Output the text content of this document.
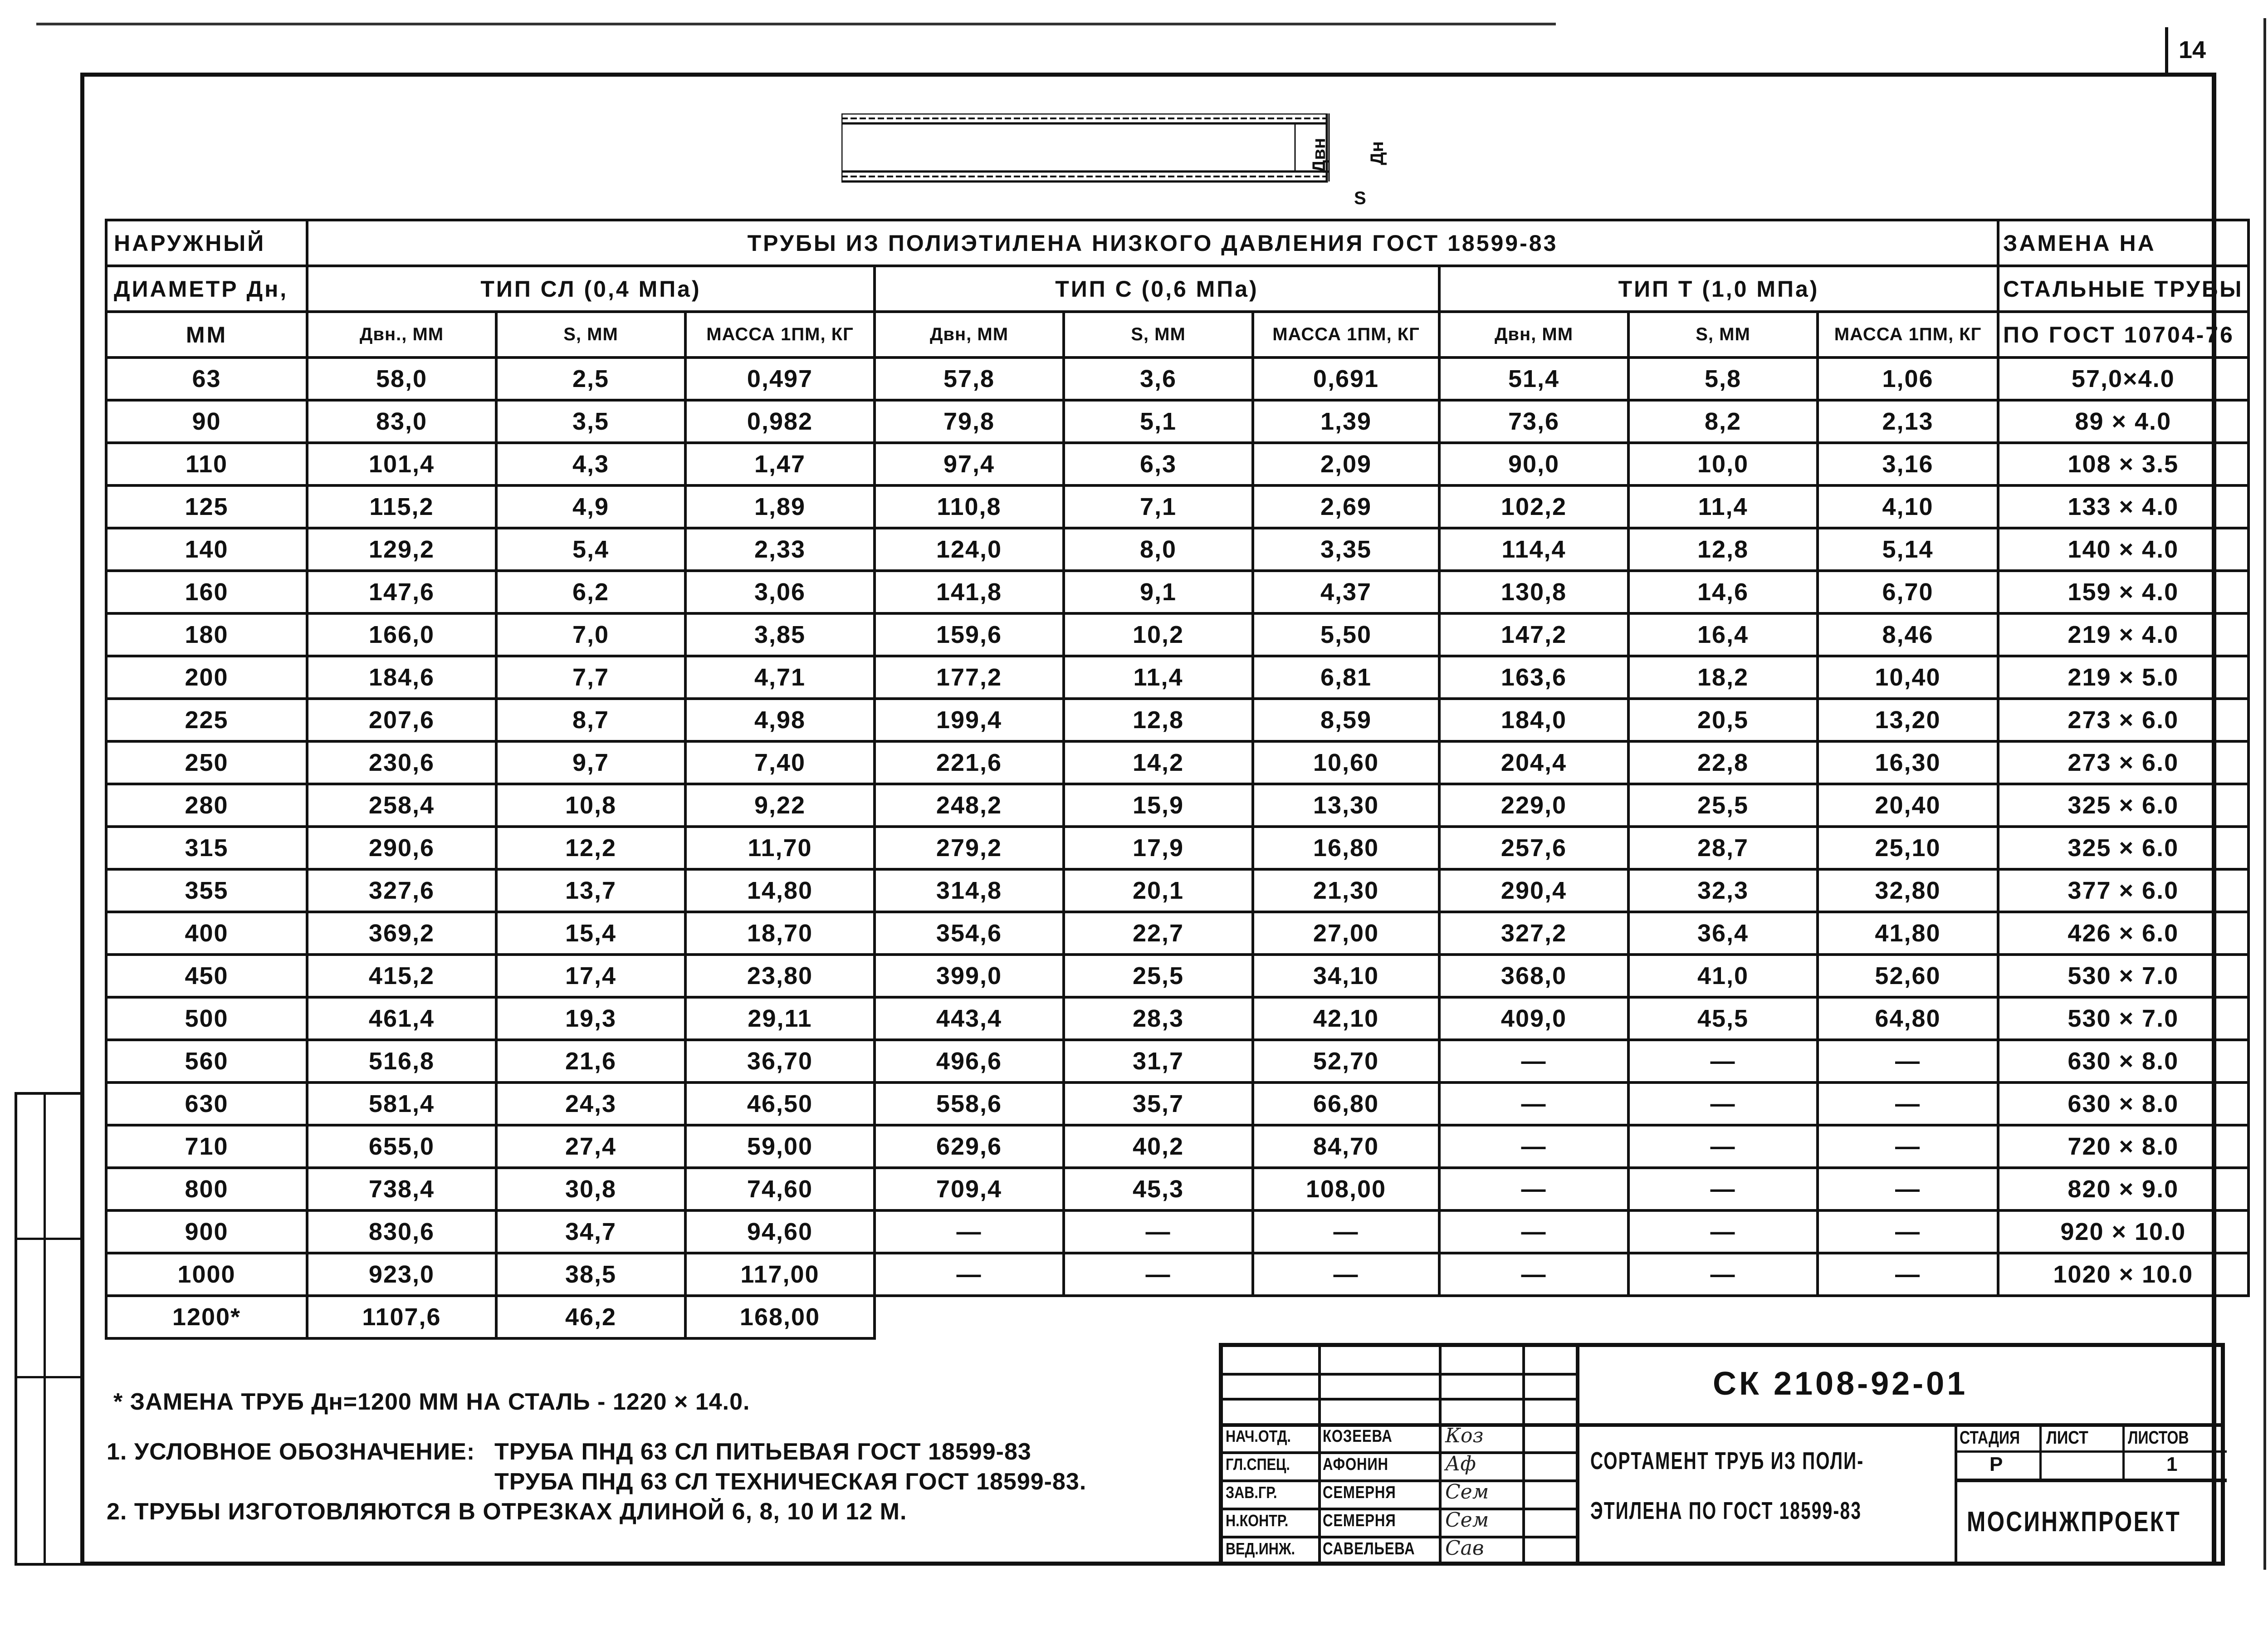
14
Двн Дн
S
НАРУЖНЫЙ	ТРУБЫ ИЗ ПОЛИЭТИЛЕНА НИЗКОГО ДАВЛЕНИЯ ГОСТ 18599-83									ЗАМЕНА НА
ДИАМЕТР Дн,	ТИП СЛ (0,4 МПа)			ТИП С (0,6 МПа)			ТИП Т (1,0 МПа)			СТАЛЬНЫЕ ТРУБЫ
ММ	Двн., ММ	S, ММ	МАССА 1ПМ, КГ	Двн, ММ	S, ММ	МАССА 1ПМ, КГ	Двн, ММ	S, ММ	МАССА 1ПМ, КГ	ПО ГОСТ 10704-76
63	58,0	2,5	0,497	57,8	3,6	0,691	51,4	5,8	1,06	57,0×4.0
90	83,0	3,5	0,982	79,8	5,1	1,39	73,6	8,2	2,13	89 × 4.0
110	101,4	4,3	1,47	97,4	6,3	2,09	90,0	10,0	3,16	108 × 3.5
125	115,2	4,9	1,89	110,8	7,1	2,69	102,2	11,4	4,10	133 × 4.0
140	129,2	5,4	2,33	124,0	8,0	3,35	114,4	12,8	5,14	140 × 4.0
160	147,6	6,2	3,06	141,8	9,1	4,37	130,8	14,6	6,70	159 × 4.0
180	166,0	7,0	3,85	159,6	10,2	5,50	147,2	16,4	8,46	219 × 4.0
200	184,6	7,7	4,71	177,2	11,4	6,81	163,6	18,2	10,40	219 × 5.0
225	207,6	8,7	4,98	199,4	12,8	8,59	184,0	20,5	13,20	273 × 6.0
250	230,6	9,7	7,40	221,6	14,2	10,60	204,4	22,8	16,30	273 × 6.0
280	258,4	10,8	9,22	248,2	15,9	13,30	229,0	25,5	20,40	325 × 6.0
315	290,6	12,2	11,70	279,2	17,9	16,80	257,6	28,7	25,10	325 × 6.0
355	327,6	13,7	14,80	314,8	20,1	21,30	290,4	32,3	32,80	377 × 6.0
400	369,2	15,4	18,70	354,6	22,7	27,00	327,2	36,4	41,80	426 × 6.0
450	415,2	17,4	23,80	399,0	25,5	34,10	368,0	41,0	52,60	530 × 7.0
500	461,4	19,3	29,11	443,4	28,3	42,10	409,0	45,5	64,80	530 × 7.0
560	516,8	21,6	36,70	496,6	31,7	52,70	—	—	—	630 × 8.0
630	581,4	24,3	46,50	558,6	35,7	66,80	—	—	—	630 × 8.0
710	655,0	27,4	59,00	629,6	40,2	84,70	—	—	—	720 × 8.0
800	738,4	30,8	74,60	709,4	45,3	108,00	—	—	—	820 × 9.0
900	830,6	34,7	94,60	—	—	—	—	—	—	920 × 10.0
1000	923,0	38,5	117,00	—	—	—	—	—	—	1020 × 10.0
1200*	1107,6	46,2	168,00							
* ЗАМЕНА ТРУБ Дн=1200 ММ НА СТАЛЬ - 1220 × 14.0.
1. УСЛОВНОЕ ОБОЗНАЧЕНИЕ: ТРУБА ПНД 63 СЛ ПИТЬЕВАЯ ГОСТ 18599-83
ТРУБА ПНД 63 СЛ ТЕХНИЧЕСКАЯ ГОСТ 18599-83.
2. ТРУБЫ ИЗГОТОВЛЯЮТСЯ В ОТРЕЗКАХ ДЛИНОЙ 6, 8, 10 И 12 М.
СК 2108-92-01
СОРТАМЕНТ ТРУБ ИЗ ПОЛИ-
ЭТИЛЕНА ПО ГОСТ 18599-83
СТАДИЯ ЛИСТ ЛИСТОВ
Р	1
МОСИНЖПРОЕКТ
НАЧ.ОТД. КОЗЕЕВА	Коз
ГЛ.СПЕЦ. АФОНИН	Аф
ЗАВ.ГР.	СЕМЕРНЯ Сем
Н.КОНТР. СЕМЕРНЯ Сем
ВЕД.ИНЖ. САВЕЛЬЕВА Сав
